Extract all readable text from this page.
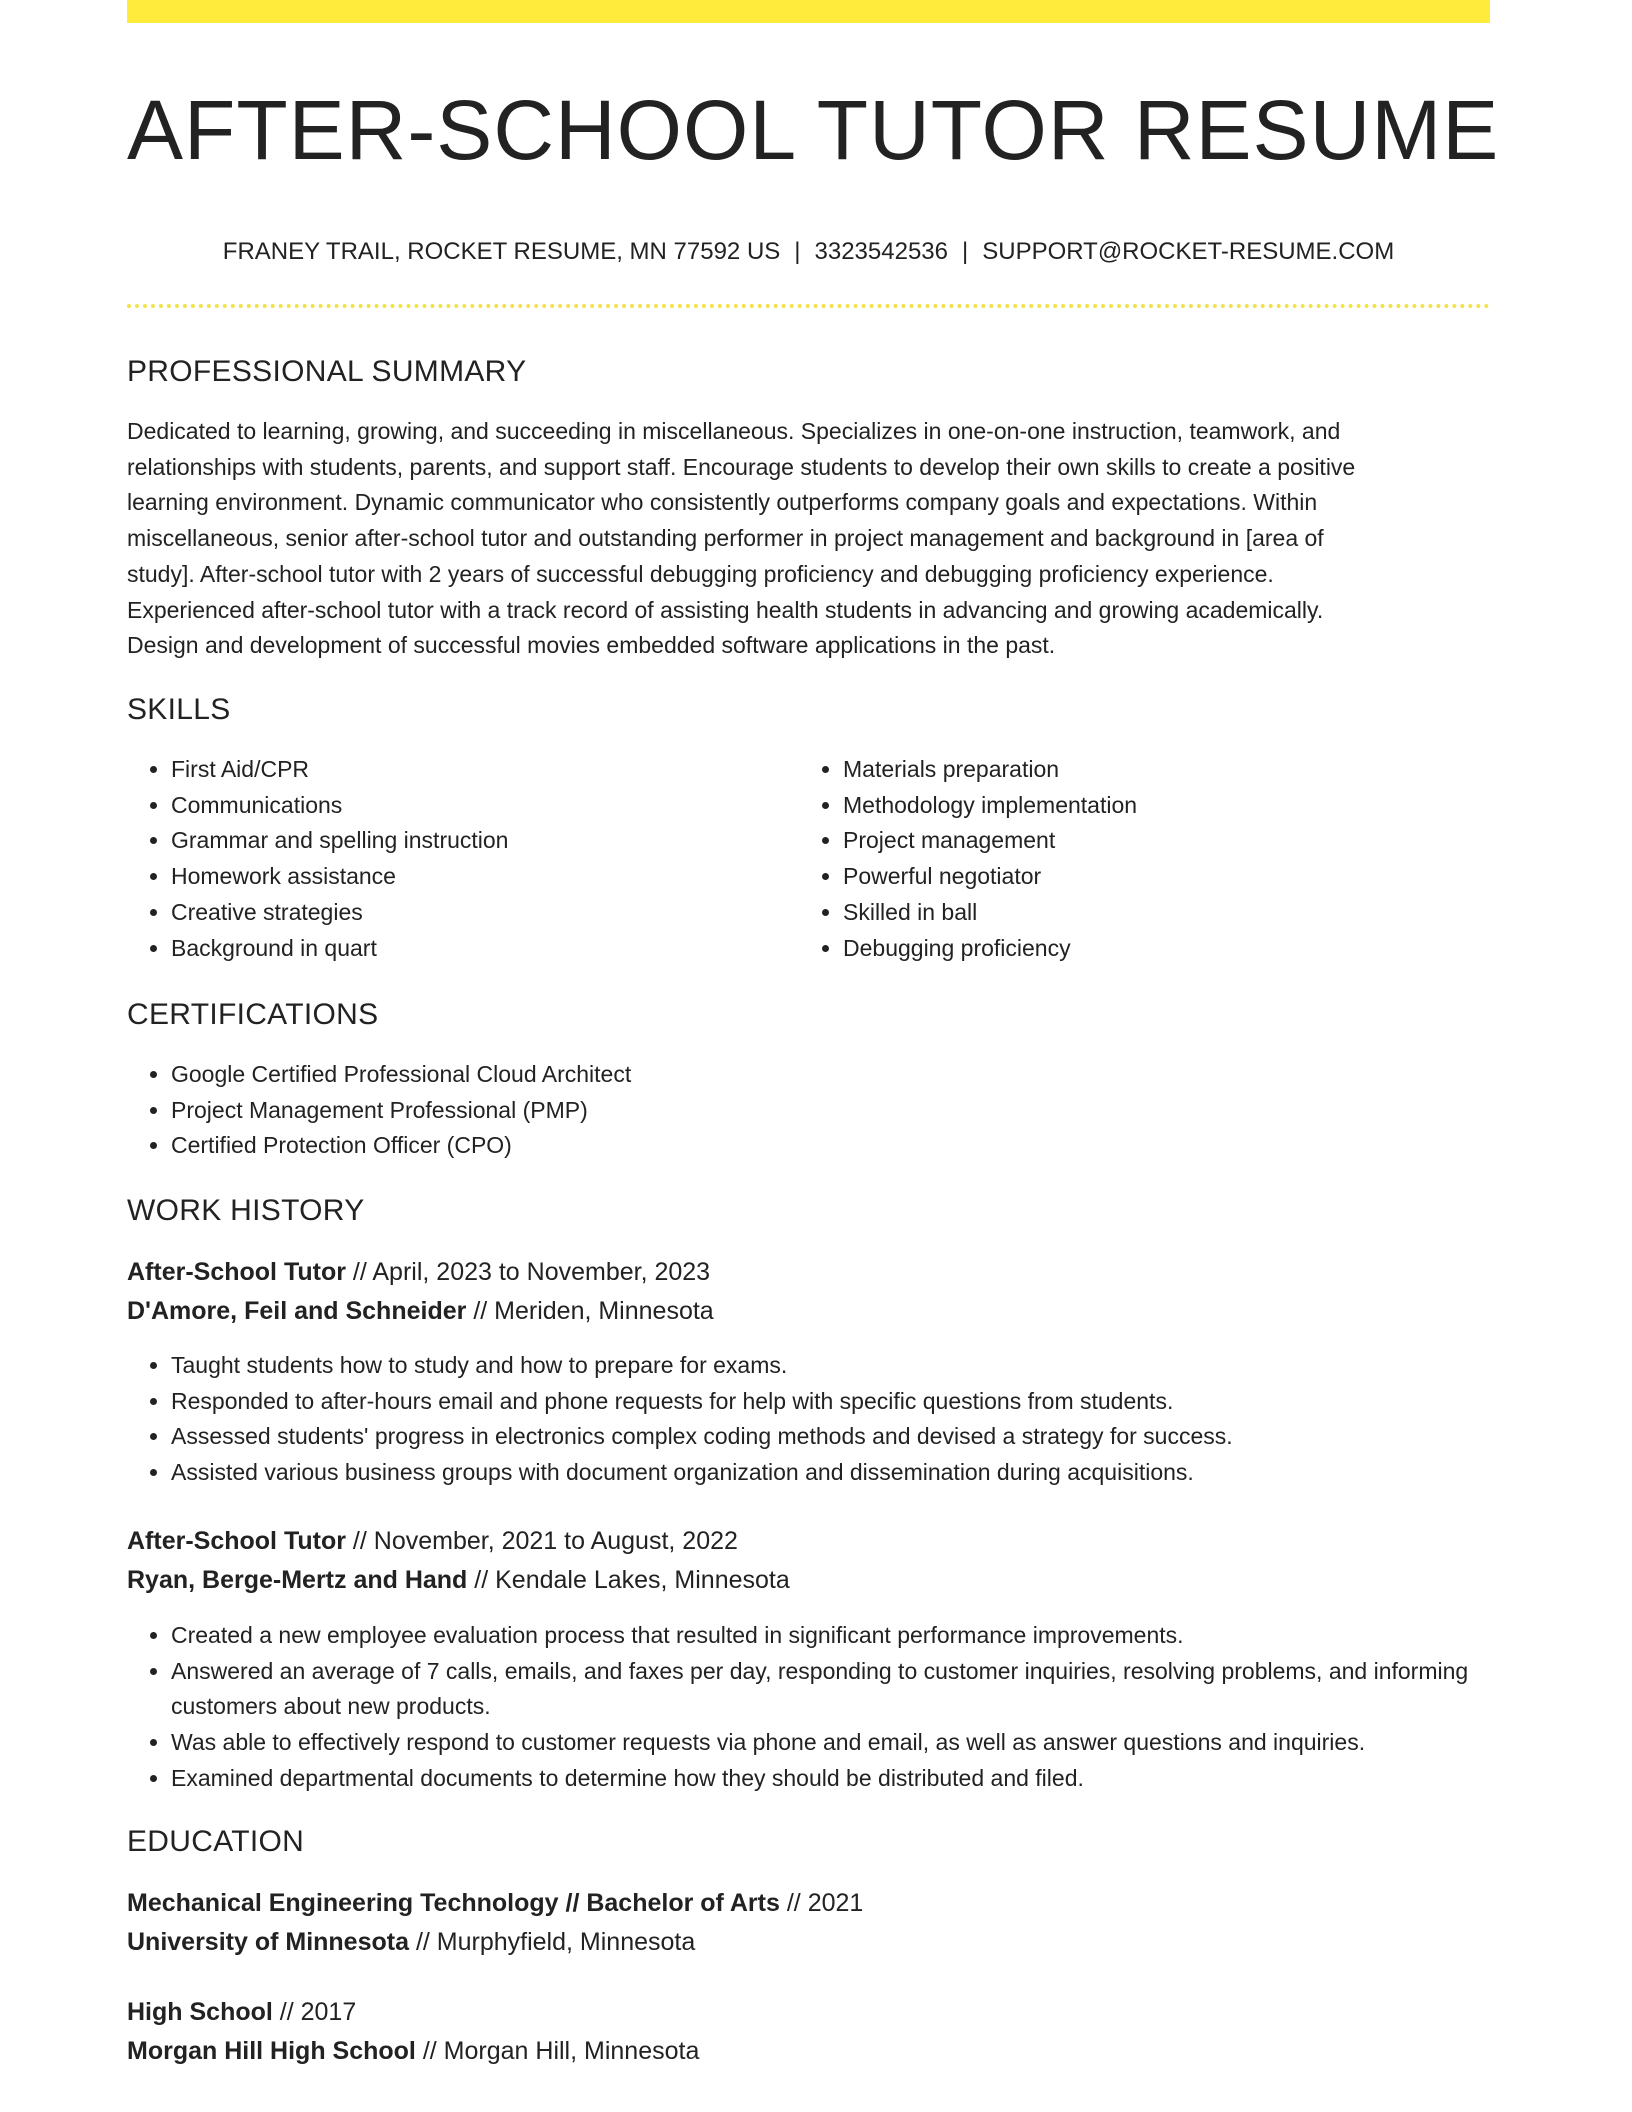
AFTER-SCHOOL TUTOR RESUME
FRANEY TRAIL, ROCKET RESUME, MN 77592 US | 3323542536 | SUPPORT@ROCKET-RESUME.COM
PROFESSIONAL SUMMARY
Dedicated to learning, growing, and succeeding in miscellaneous. Specializes in one-on-one instruction, teamwork, and
relationships with students, parents, and support staff. Encourage students to develop their own skills to create a positive
learning environment. Dynamic communicator who consistently outperforms company goals and expectations. Within
miscellaneous, senior after-school tutor and outstanding performer in project management and background in [area of
study]. After-school tutor with 2 years of successful debugging proficiency and debugging proficiency experience.
Experienced after-school tutor with a track record of assisting health students in advancing and growing academically.
Design and development of successful movies embedded software applications in the past.
SKILLS
• First Aid/CPR
• Communications
• Grammar and spelling instruction
• Homework assistance
• Creative strategies
• Background in quart
• Materials preparation
• Methodology implementation
• Project management
• Powerful negotiator
• Skilled in ball
• Debugging proficiency
CERTIFICATIONS
• Google Certified Professional Cloud Architect
• Project Management Professional (PMP)
• Certified Protection Officer (CPO)
WORK HISTORY
After-School Tutor // April, 2023 to November, 2023
D'Amore, Feil and Schneider // Meriden, Minnesota
• Taught students how to study and how to prepare for exams.
• Responded to after-hours email and phone requests for help with specific questions from students.
• Assessed students' progress in electronics complex coding methods and devised a strategy for success.
• Assisted various business groups with document organization and dissemination during acquisitions.
After-School Tutor // November, 2021 to August, 2022
Ryan, Berge-Mertz and Hand // Kendale Lakes, Minnesota
• Created a new employee evaluation process that resulted in significant performance improvements.
• Answered an average of 7 calls, emails, and faxes per day, responding to customer inquiries, resolving problems, and informing customers about new products.
• Was able to effectively respond to customer requests via phone and email, as well as answer questions and inquiries.
• Examined departmental documents to determine how they should be distributed and filed.
EDUCATION
Mechanical Engineering Technology // Bachelor of Arts // 2021
University of Minnesota // Murphyfield, Minnesota
High School // 2017
Morgan Hill High School // Morgan Hill, Minnesota
